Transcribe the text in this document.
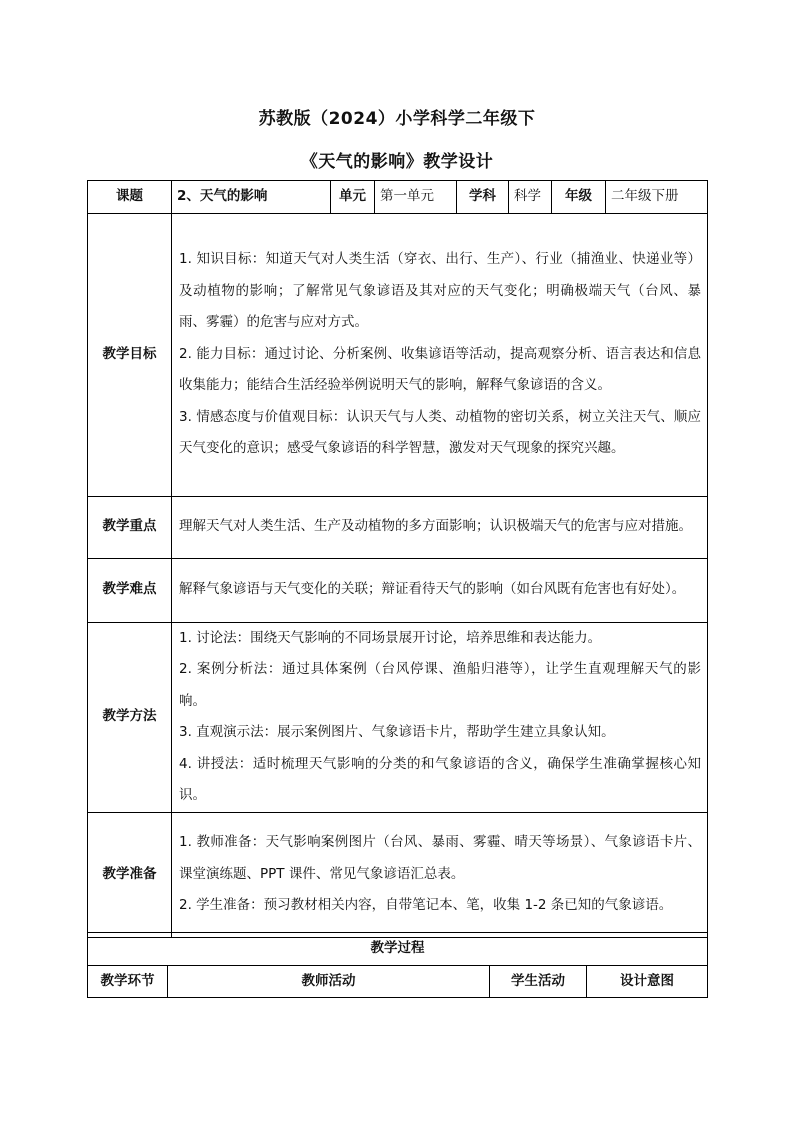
苏教版（2024）小学科学二年级下
《天气的影响》教学设计
课题	2、天气的影响	单元	第一单元	学科	科学	年级	二年级下册
教学目标	1. 知识目标：知道天气对人类生活（穿衣、出行、生产）、行业（捕渔业、快递业等）及动植物的影响；了解常见气象谚语及其对应的天气变化；明确极端天气（台风、暴雨、雾霾）的危害与应对方式。

2. 能力目标：通过讨论、分析案例、收集谚语等活动，提高观察分析、语言表达和信息收集能力；能结合生活经验举例说明天气的影响，解释气象谚语的含义。

3. 情感态度与价值观目标：认识天气与人类、动植物的密切关系，树立关注天气、顺应天气变化的意识；感受气象谚语的科学智慧，激发对天气现象的探究兴趣。						

教学重点	理解天气对人类生活、生产及动植物的多方面影响；认识极端天气的危害与应对措施。						

教学难点	解释气象谚语与天气变化的关联；辩证看待天气的影响（如台风既有危害也有好处）。						

教学方法	1. 讨论法：围绕天气影响的不同场景展开讨论，培养思维和表达能力。

2. 案例分析法：通过具体案例（台风停课、渔船归港等），让学生直观理解天气的影响。

3. 直观演示法：展示案例图片、气象谚语卡片，帮助学生建立具象认知。

4. 讲授法：适时梳理天气影响的分类的和气象谚语的含义，确保学生准确掌握核心知识。						

教学准备	1. 教师准备：天气影响案例图片（台风、暴雨、雾霾、晴天等场景）、气象谚语卡片、课堂演练题、PPT 课件、常见气象谚语汇总表。

2. 学生准备：预习教材相关内容，自带笔记本、笔，收集 1-2 条已知的气象谚语。						

教学过程
教学环节	教师活动	学生活动	设计意图
